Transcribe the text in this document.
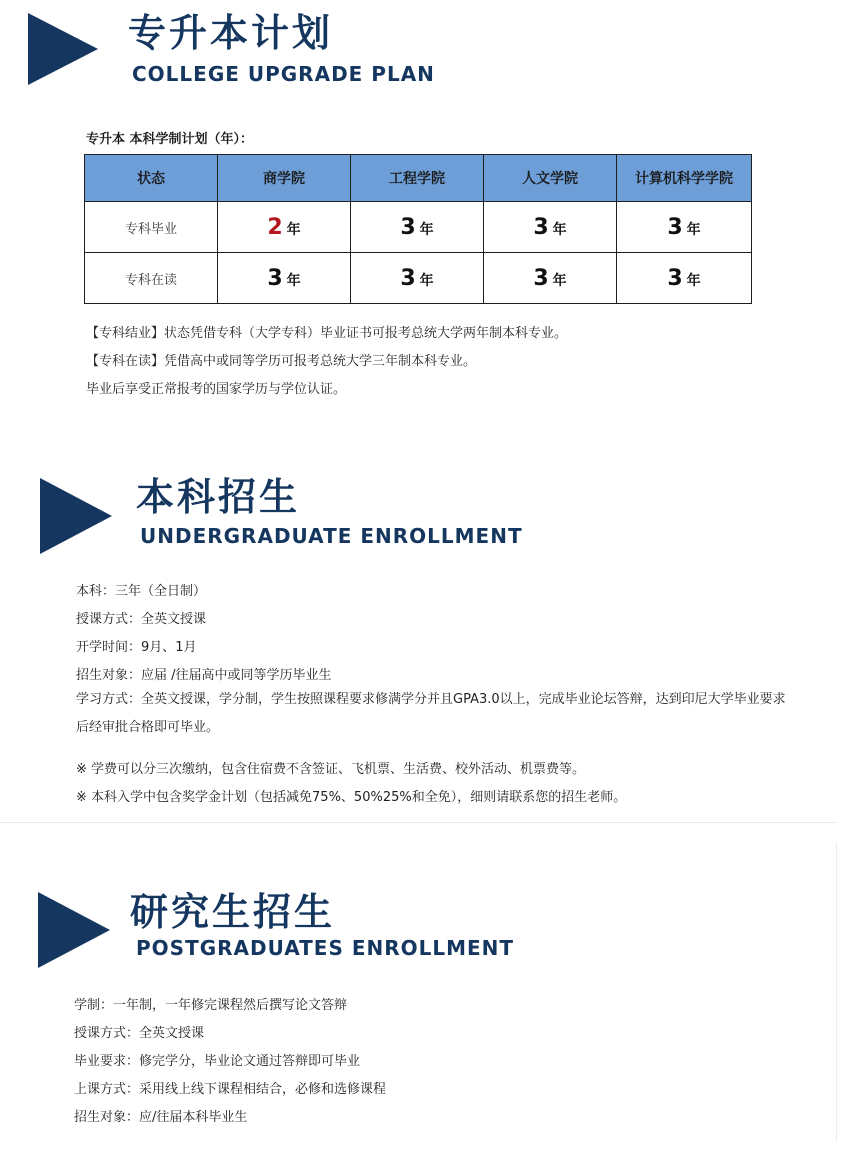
专升本计划
COLLEGE UPGRADE PLAN
专升本 本科学制计划（年）：
状态	商学院	工程学院	人文学院	计算机科学学院
专科毕业	2 年	3 年	3 年	3 年
专科在读	3 年	3 年	3 年	3 年
【专科结业】状态凭借专科（大学专科）毕业证书可报考总统大学两年制本科专业。
【专科在读】凭借高中或同等学历可报考总统大学三年制本科专业。
毕业后享受正常报考的国家学历与学位认证。
本科招生
UNDERGRADUATE ENROLLMENT
本科：三年（全日制）
授课方式：全英文授课
开学时间：9月、1月
招生对象：应届 /往届高中或同等学历毕业生
学习方式：全英文授课，学分制，学生按照课程要求修满学分并且GPA3.0以上，完成毕业论坛答辩，达到印尼大学毕业要求后经审批合格即可毕业。
※ 学费可以分三次缴纳，包含住宿费不含签证、飞机票、生活费、校外活动、机票费等。
※ 本科入学中包含奖学金计划（包括减免75%、50%25%和全免），细则请联系您的招生老师。
研究生招生
POSTGRADUATES ENROLLMENT
学制：一年制，一年修完课程然后撰写论文答辩
授课方式：全英文授课
毕业要求：修完学分，毕业论文通过答辩即可毕业
上课方式：采用线上线下课程相结合，必修和选修课程
招生对象：应/往届本科毕业生
